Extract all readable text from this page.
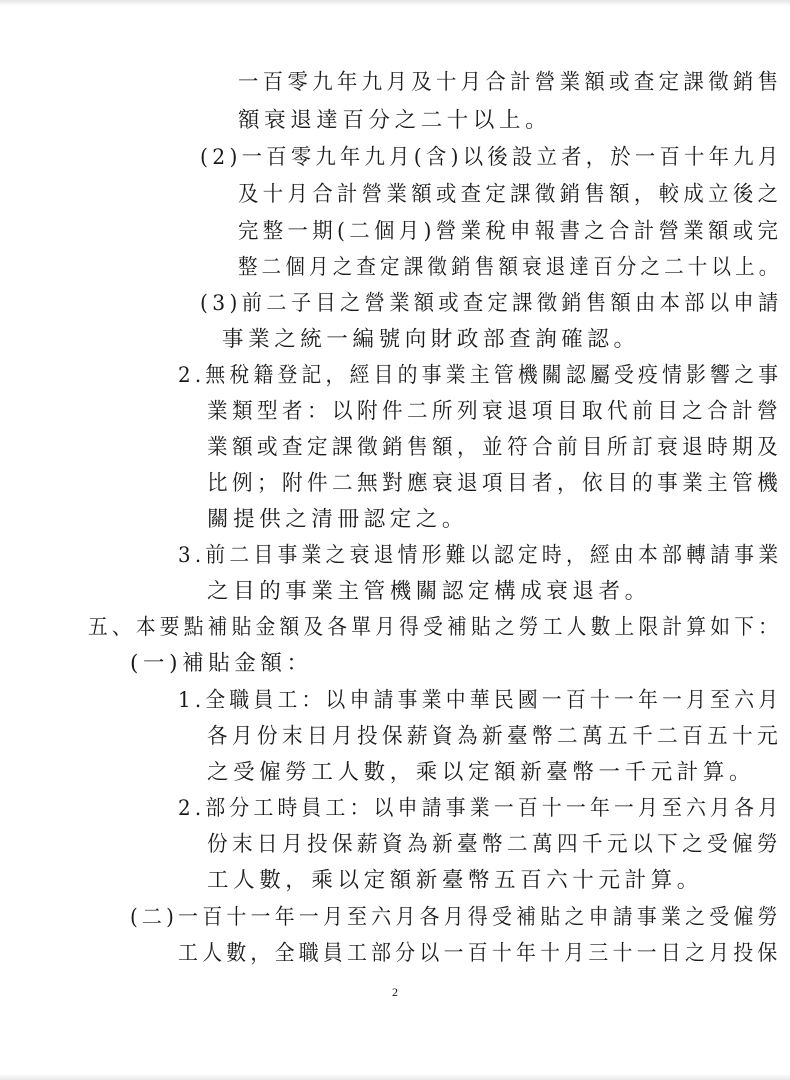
一百零九年九月及十月合計營業額或查定課徵銷售
額衰退達百分之二十以上。
(2)一百零九年九月(含)以後設立者，於一百十年九月
及十月合計營業額或查定課徵銷售額，較成立後之
完整一期(二個月)營業稅申報書之合計營業額或完
整二個月之查定課徵銷售額衰退達百分之二十以上。
(3)前二子目之營業額或查定課徵銷售額由本部以申請
事業之統一編號向財政部查詢確認。
2.無稅籍登記，經目的事業主管機關認屬受疫情影響之事
業類型者：以附件二所列衰退項目取代前目之合計營
業額或查定課徵銷售額，並符合前目所訂衰退時期及
比例；附件二無對應衰退項目者，依目的事業主管機
關提供之清冊認定之。
3.前二目事業之衰退情形難以認定時，經由本部轉請事業
之目的事業主管機關認定構成衰退者。
五、本要點補貼金額及各單月得受補貼之勞工人數上限計算如下：
(一)補貼金額：
1.全職員工：以申請事業中華民國一百十一年一月至六月
各月份末日月投保薪資為新臺幣二萬五千二百五十元
之受僱勞工人數，乘以定額新臺幣一千元計算。
2.部分工時員工：以申請事業一百十一年一月至六月各月
份末日月投保薪資為新臺幣二萬四千元以下之受僱勞
工人數，乘以定額新臺幣五百六十元計算。
(二)一百十一年一月至六月各月得受補貼之申請事業之受僱勞
工人數，全職員工部分以一百十年十月三十一日之月投保
2
